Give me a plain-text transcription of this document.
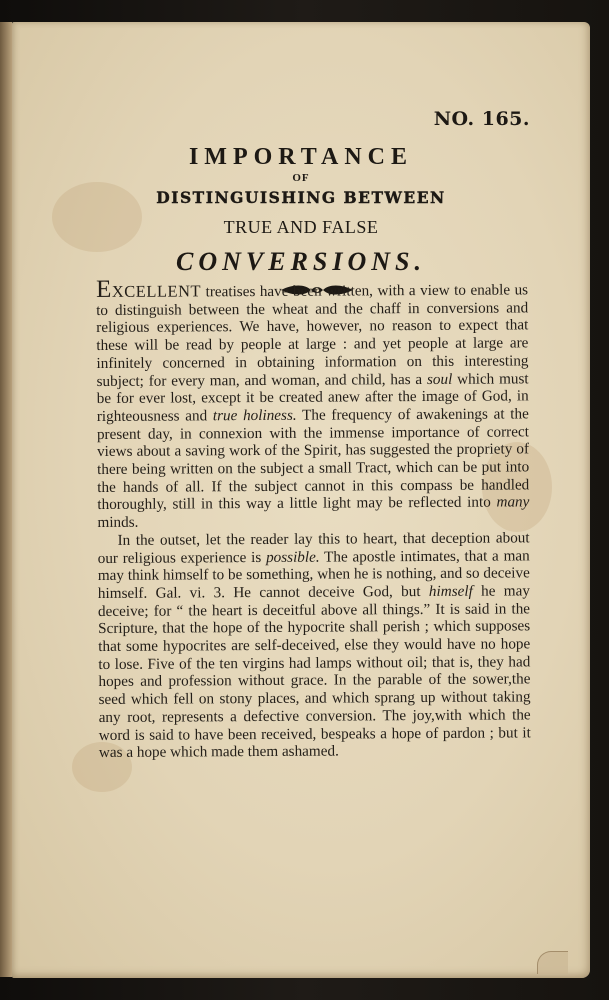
NO. 165.

IMPORTANCE
OF
DISTINGUISHING BETWEEN
TRUE AND FALSE
CONVERSIONS.

EXCELLENT treatises have been written, with a view to enable us to distinguish between the wheat and the chaff in conversions and religious experiences. We have, however, no reason to expect that these will be read by people at large : and yet people at large are infinitely concerned in obtaining information on this interesting subject; for every man, and woman, and child, has a soul which must be for ever lost, except it be created anew after the image of God, in righteousness and true holiness. The frequency of awakenings at the present day, in connexion with the immense importance of correct views about a saving work of the Spirit, has suggested the propriety of there being written on the subject a small Tract, which can be put into the hands of all. If the subject cannot in this compass be handled thoroughly, still in this way a little light may be reflected into many minds.

In the outset, let the reader lay this to heart, that deception about our religious experience is possible. The apostle intimates, that a man may think himself to be something, when he is nothing, and so deceive himself. Gal. vi. 3. He cannot deceive God, but himself he may deceive; for “ the heart is deceitful above all things.” It is said in the Scripture, that the hope of the hypocrite shall perish ; which supposes that some hypocrites are self-deceived, else they would have no hope to lose. Five of the ten virgins had lamps without oil; that is, they had hopes and profession without grace. In the parable of the sower,the seed which fell on stony places, and which sprang up without taking any root, represents a defective conversion. The joy,with which the word is said to have been received, bespeaks a hope of pardon ; but it was a hope which made them ashamed.
